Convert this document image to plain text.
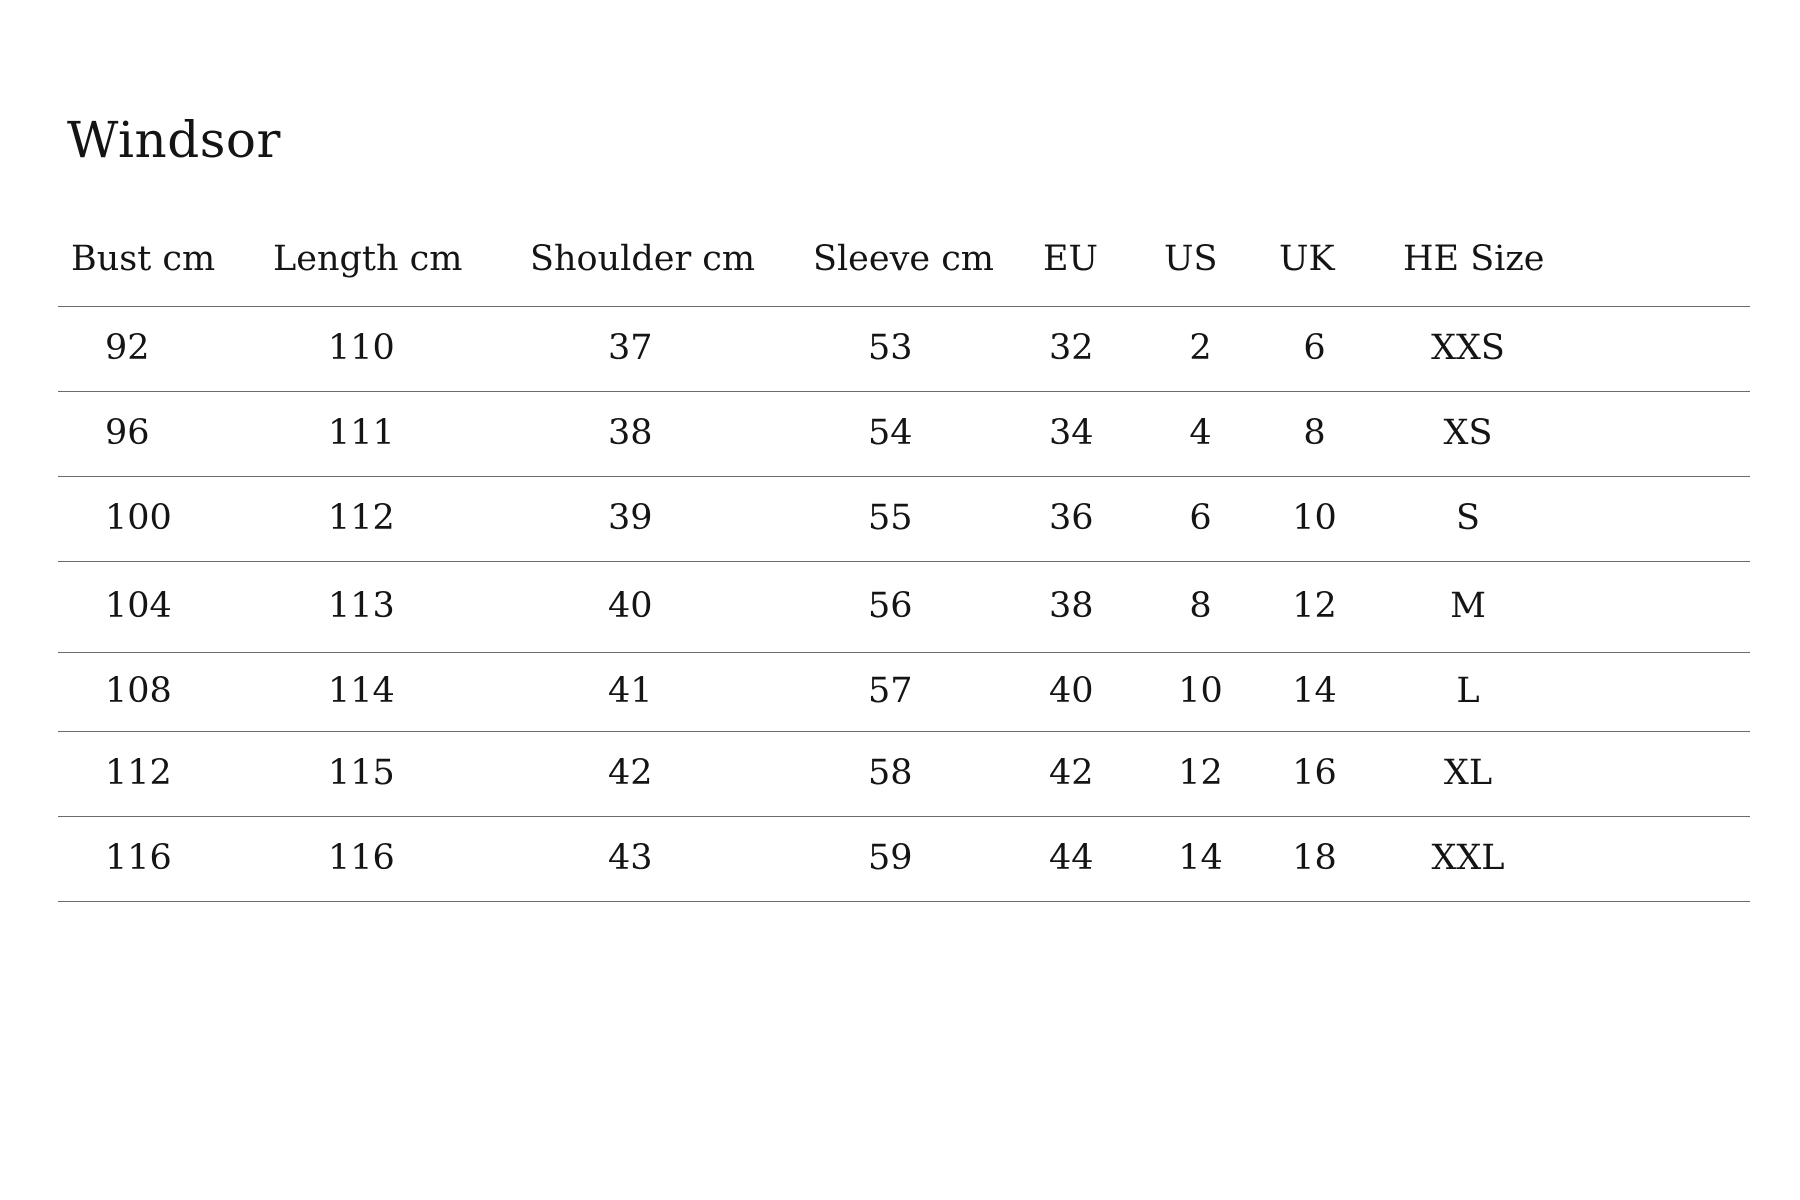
Windsor
Bust cm	Length cm	Shoulder cm	Sleeve cm	EU	US	UK	HE Size
92	110	37	53	32	2	6	XXS
96	111	38	54	34	4	8	XS
100	112	39	55	36	6	10	S
104	113	40	56	38	8	12	M
108	114	41	57	40	10	14	L
112	115	42	58	42	12	16	XL
116	116	43	59	44	14	18	XXL
